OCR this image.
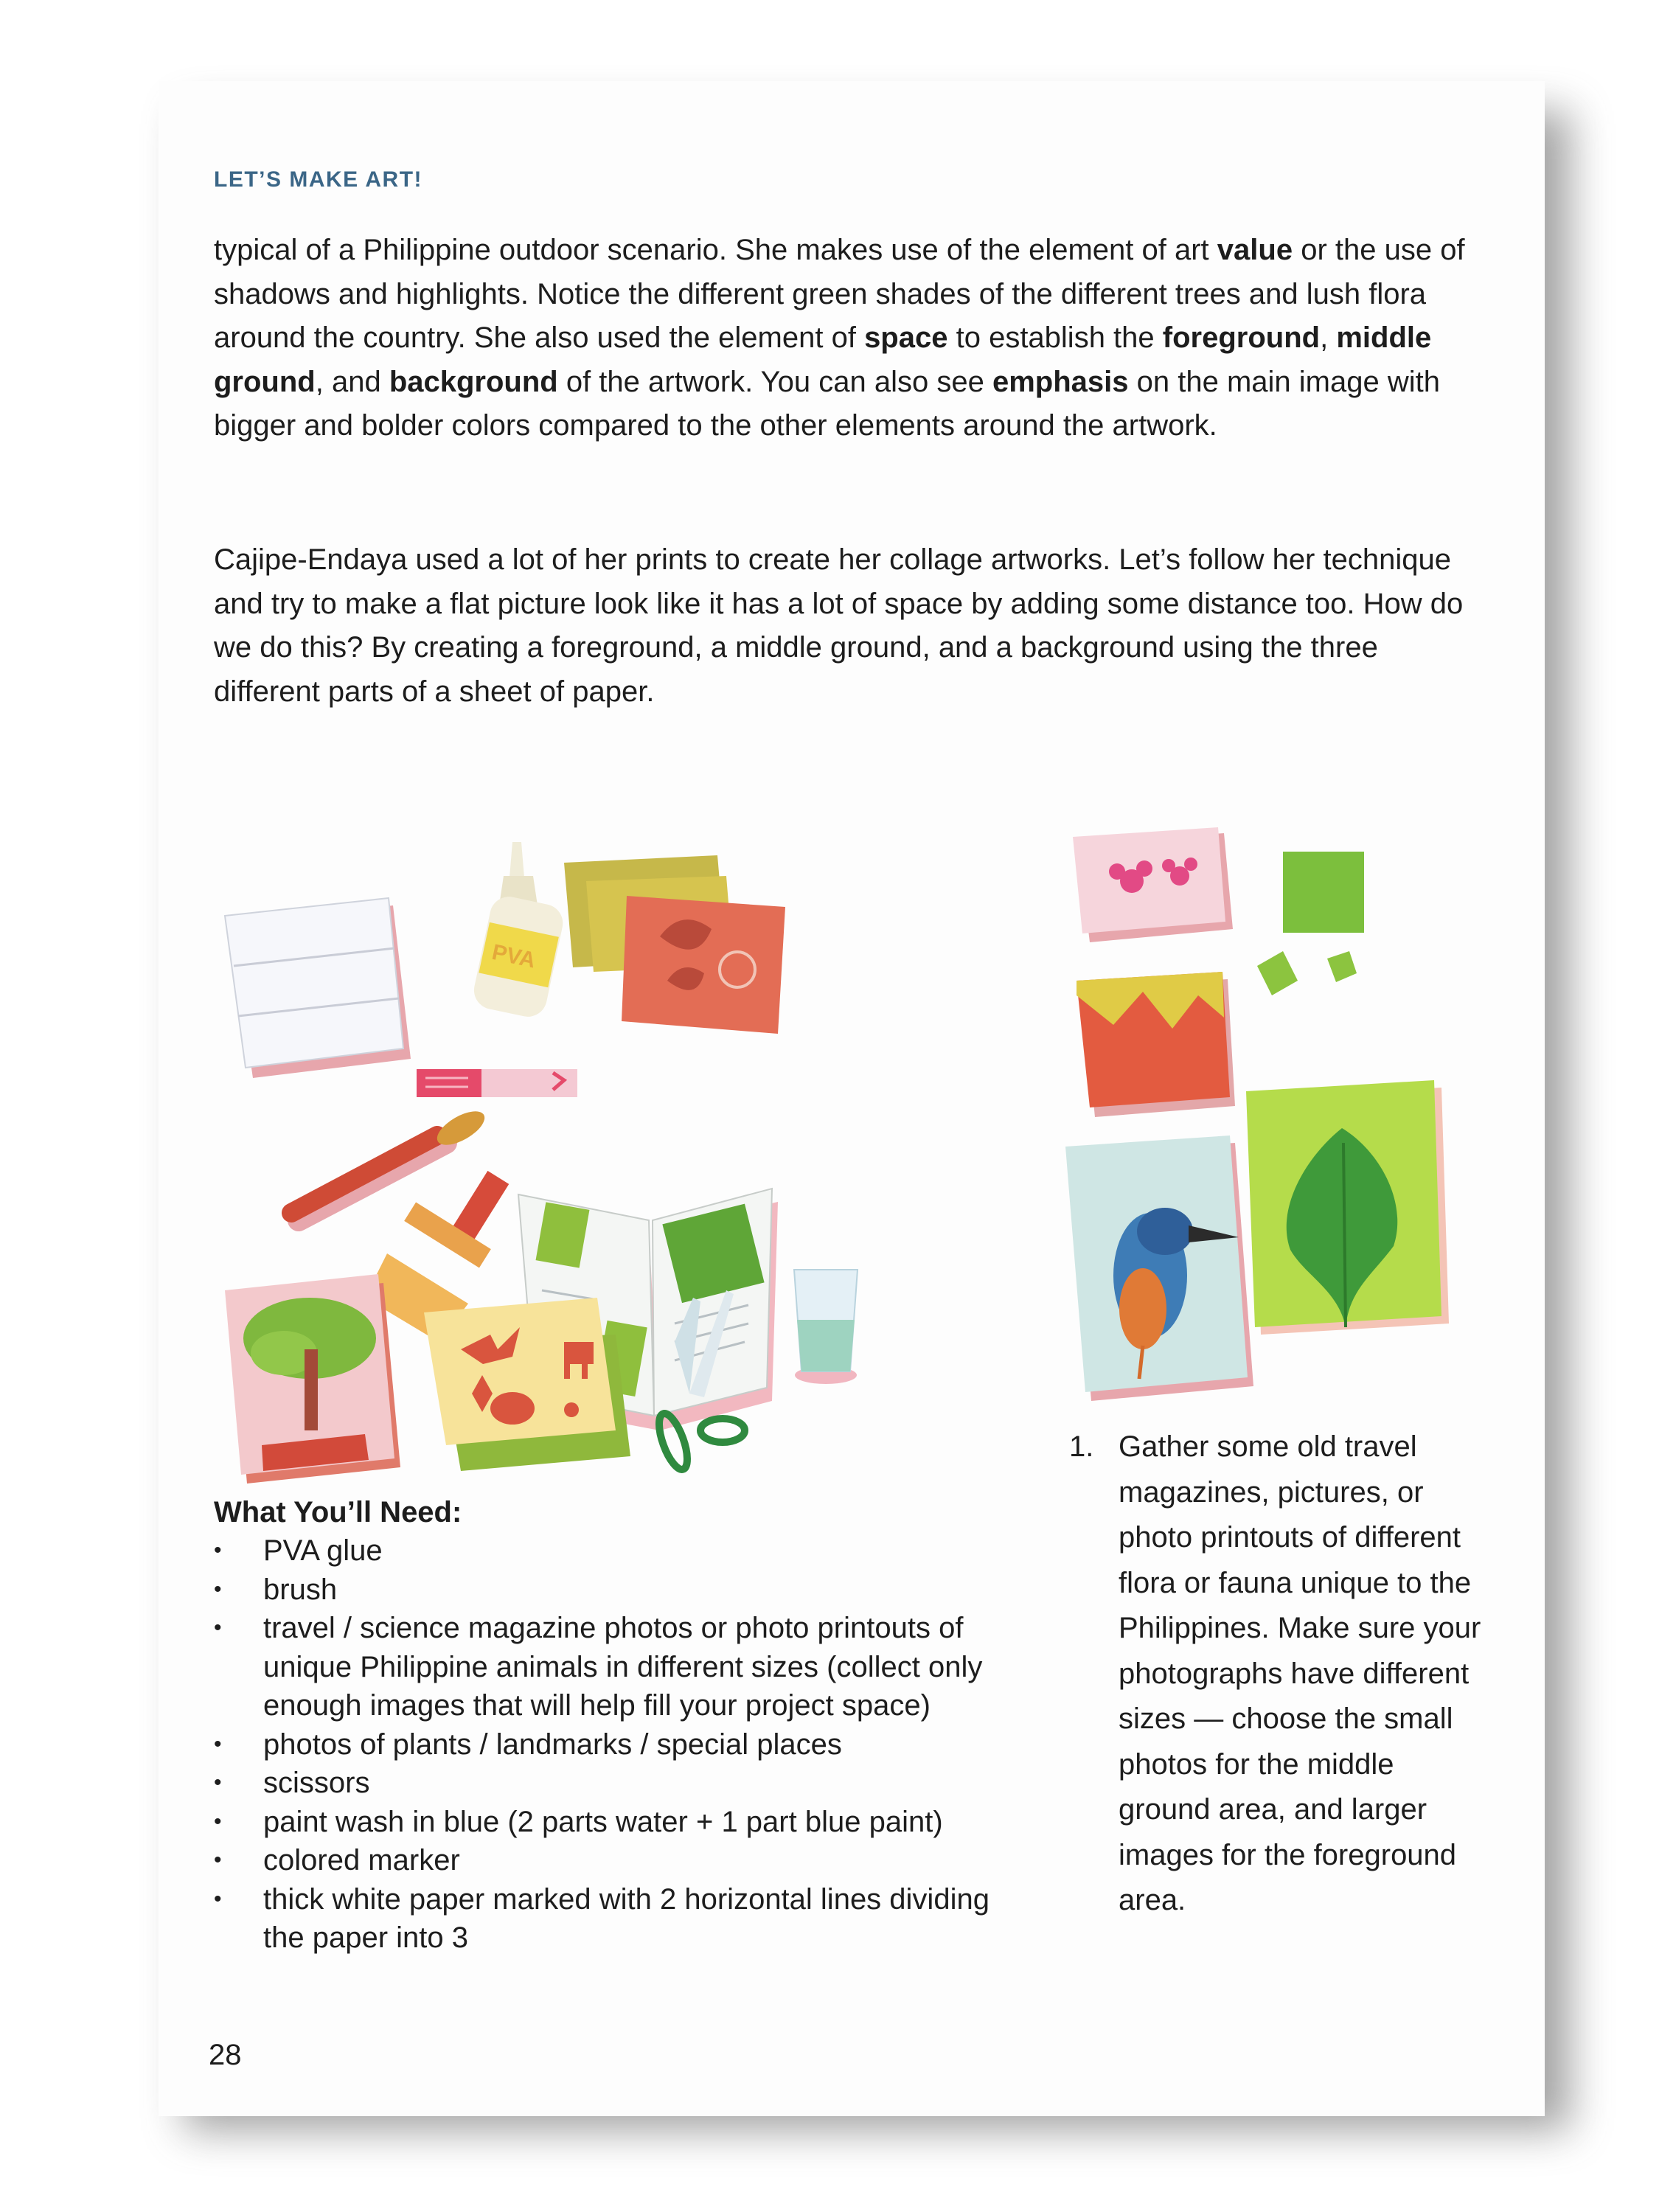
LET’S MAKE ART!

typical of a Philippine outdoor scenario. She makes use of the element of art value or the use of shadows and highlights. Notice the different green shades of the different trees and lush flora around the country. She also used the element of space to establish the foreground, middle ground, and background of the artwork. You can also see emphasis on the main image with bigger and bolder colors compared to the other elements around the artwork.

Cajipe-Endaya used a lot of her prints to create her collage artworks. Let’s follow her technique and try to make a flat picture look like it has a lot of space by adding some distance too. How do we do this? By creating a foreground, a middle ground, and a background using the three different parts of a sheet of paper.

PVA
What You’ll Need:
• PVA glue
• brush
• travel / science magazine photos or photo printouts of unique Philippine animals in different sizes (collect only enough images that will help fill your project space)
• photos of plants / landmarks / special places
• scissors
• paint wash in blue (2 parts water + 1 part blue paint)
• colored marker
• thick white paper marked with 2 horizontal lines dividing the paper into 3
1. Gather some old travel magazines, pictures, or photo printouts of different flora or fauna unique to the Philippines. Make sure your photographs have different sizes — choose the small photos for the middle ground area, and larger images for the foreground area.
28
